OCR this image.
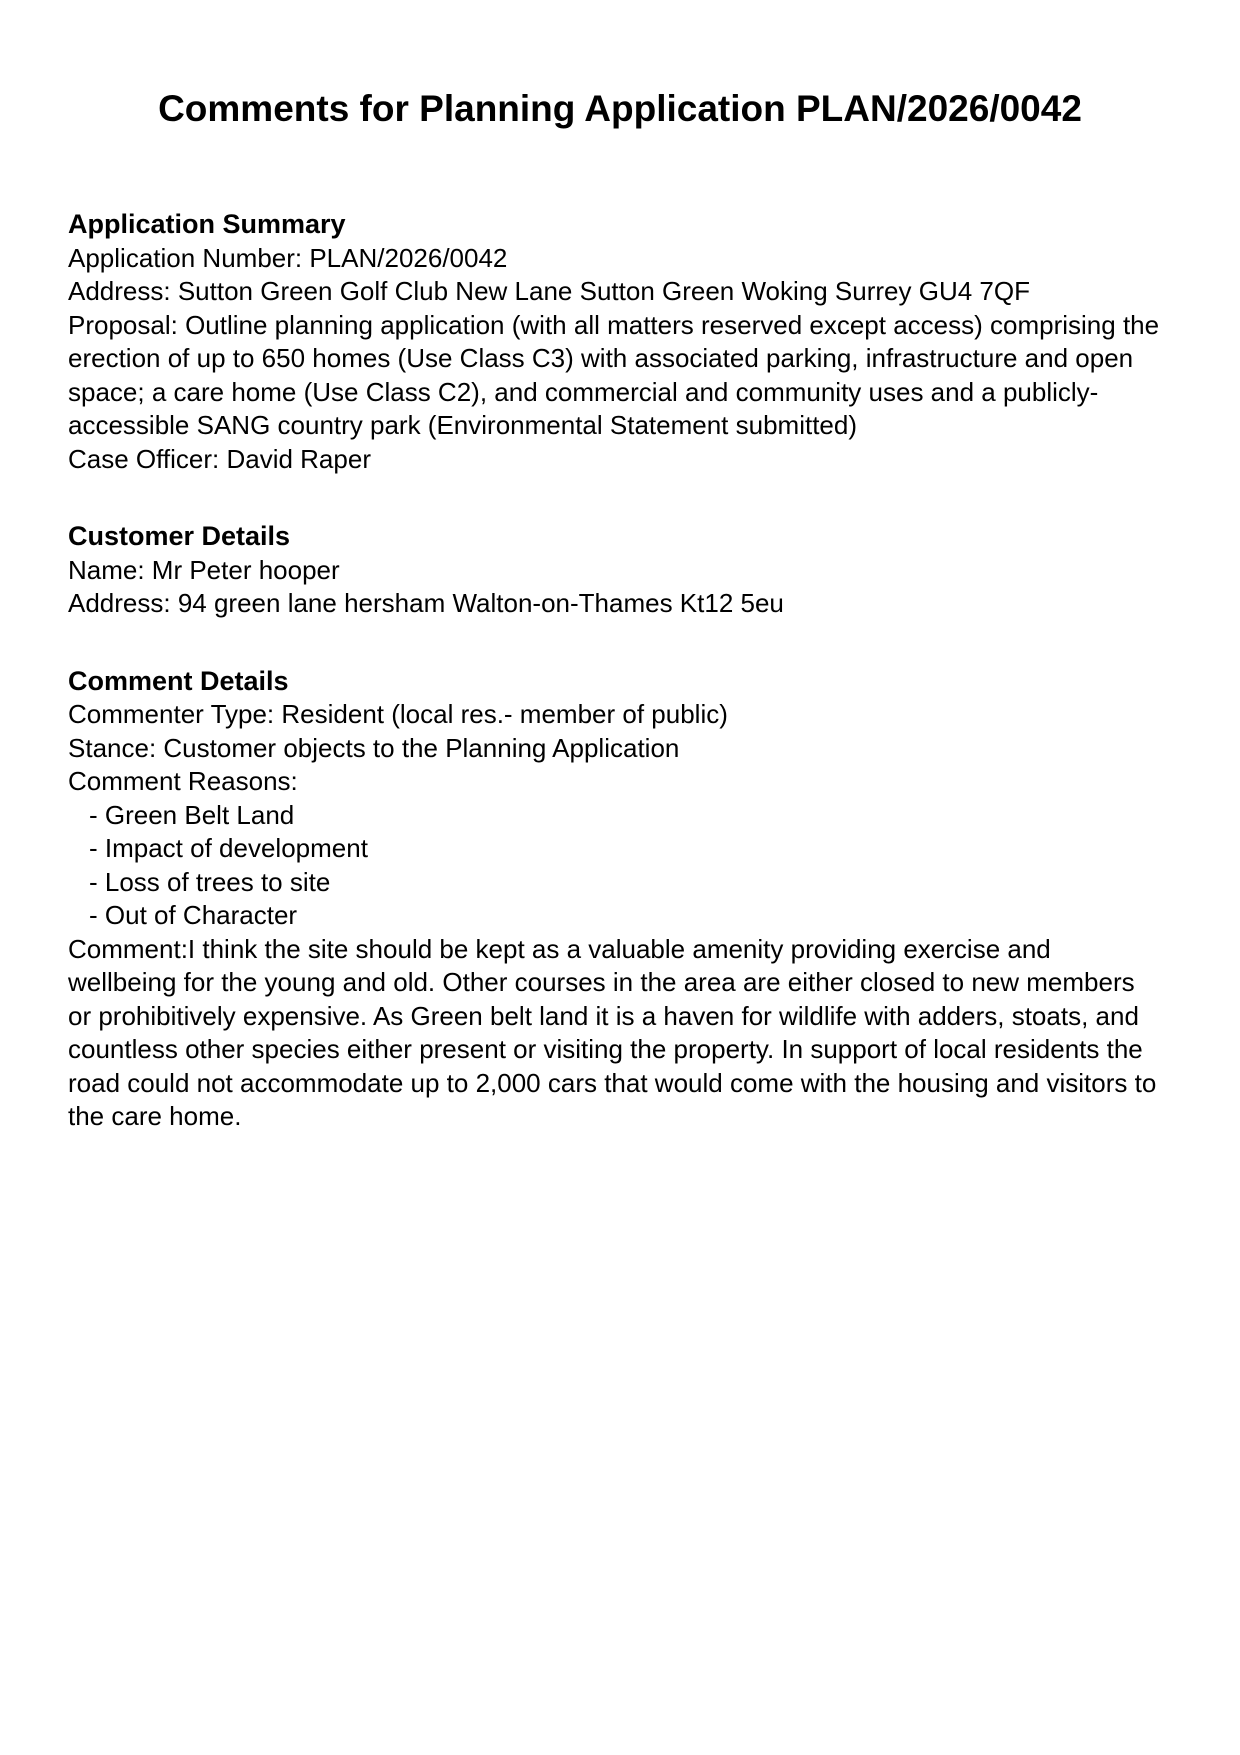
Comments for Planning Application PLAN/2026/0042
Application Summary

Application Number: PLAN/2026/0042

Address: Sutton Green Golf Club New Lane Sutton Green Woking Surrey GU4 7QF

Proposal: Outline planning application (with all matters reserved except access) comprising the erection of up to 650 homes (Use Class C3) with associated parking, infrastructure and open space; a care home (Use Class C2), and commercial and community uses and a publicly-accessible SANG country park (Environmental Statement submitted)

Case Officer: David Raper

Customer Details

Name: Mr Peter hooper

Address: 94 green lane hersham Walton-on-Thames Kt12 5eu

Comment Details

Commenter Type: Resident (local res.- member of public)

Stance: Customer objects to the Planning Application

Comment Reasons:

- Green Belt Land

- Impact of development

- Loss of trees to site

- Out of Character

Comment:I think the site should be kept as a valuable amenity providing exercise and wellbeing for the young and old. Other courses in the area are either closed to new members or prohibitively expensive. As Green belt land it is a haven for wildlife with adders, stoats, and countless other species either present or visiting the property. In support of local residents the road could not accommodate up to 2,000 cars that would come with the housing and visitors to the care home.
